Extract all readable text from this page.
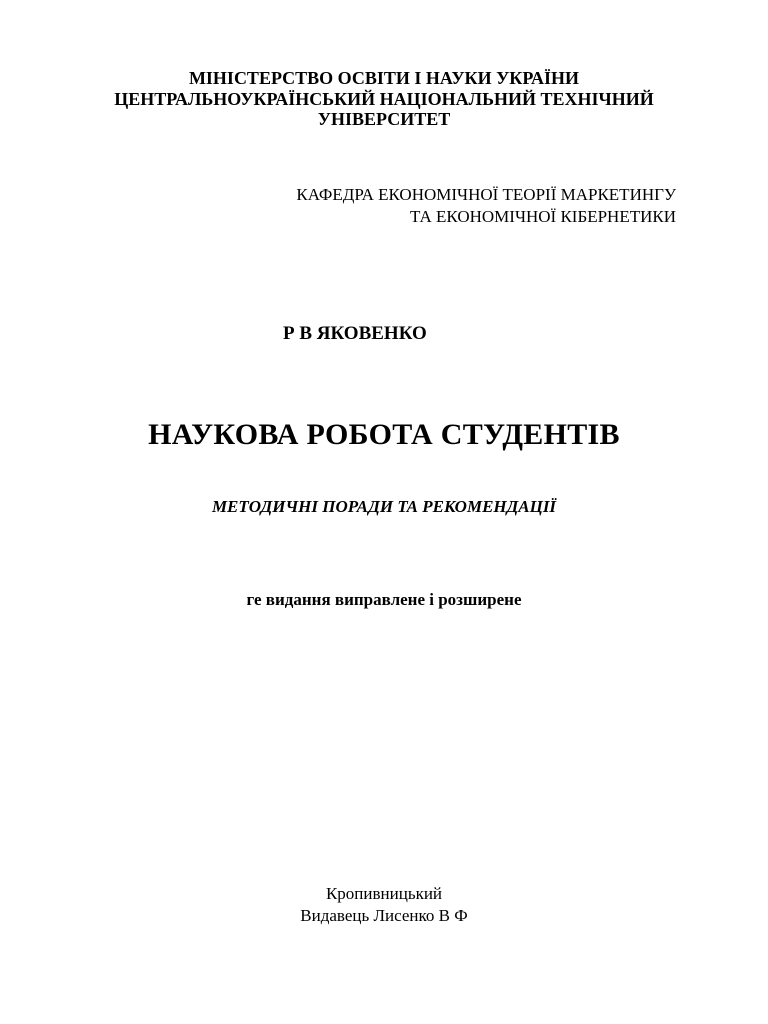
МІНІСТЕРСТВО ОСВІТИ І НАУКИ УКРАЇНИ
ЦЕНТРАЛЬНОУКРАЇНСЬКИЙ НАЦІОНАЛЬНИЙ ТЕХНІЧНИЙ
УНІВЕРСИТЕТ
КАФЕДРА ЕКОНОМІЧНОЇ ТЕОРІЇ МАРКЕТИНГУ
ТА ЕКОНОМІЧНОЇ КІБЕРНЕТИКИ
Р В ЯКОВЕНКО
НАУКОВА РОБОТА СТУДЕНТІВ
МЕТОДИЧНІ ПОРАДИ ТА РЕКОМЕНДАЦІЇ
ге видання виправлене і розширене
Кропивницький
Видавець Лисенко В Ф
